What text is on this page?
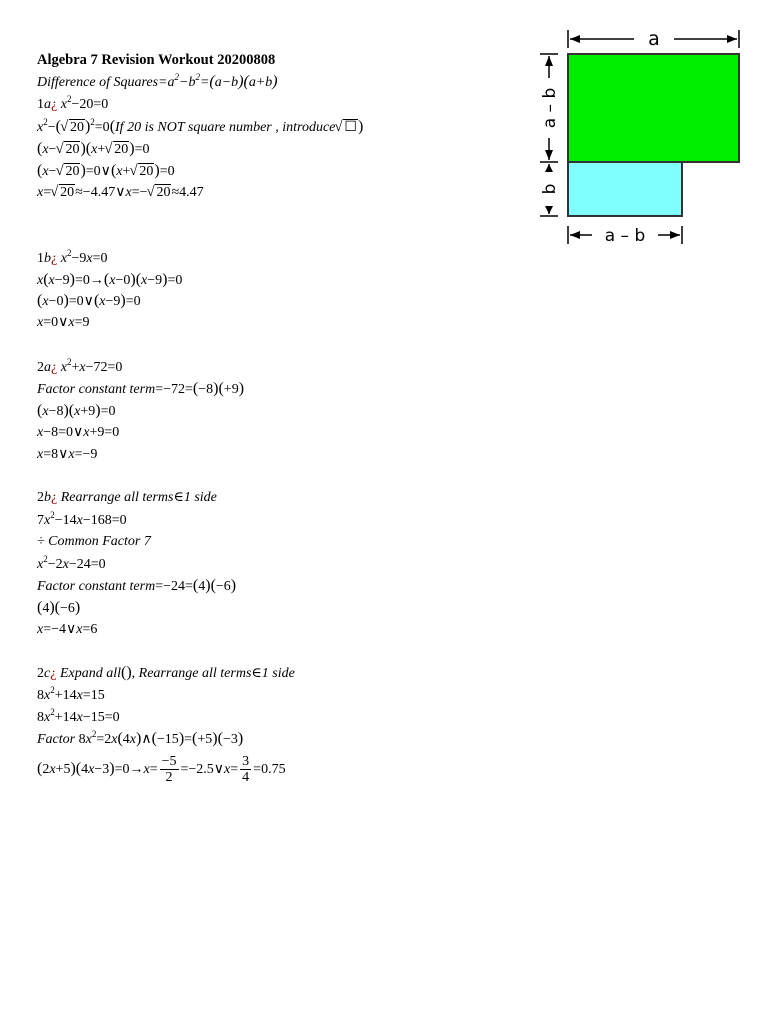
Algebra 7 Revision Workout 20200808
Difference of $Squares=a^2-b^2=(a-b)(a+b)$
1a¿ $x^2-20=0$
$x^2-(√$ 20)$^2$=0(If 20 is NOT square number , introduce√ ☐)
(x−√ 20)(x+√ 20)=0
(x−√ 20)=0∨(x+√ 20)=0
x=√ 20≈−4.47∨x=−√ 20≈4.47
1b¿ $x^2-9x=0$
x(x−9)=0→(x−0)(x−9)=0
(x−0)=0∨(x−9)=0
x=0∨x=9
2a¿ $x^2+x-72=0$
Factor constant term=−72=(−8)(+9)
(x−8)(x+9)=0
x−8=0∨x+9=0
x=8∨x=−9
2b¿ Rearrange all terms∈1 side
$7x^2-14x-168=0$
÷ Common Factor 7
$x^2-2x-24=0$
Factor constant term=−24=(4)(−6)
(4)(−6)
x=−4∨x=6
2c¿ Expand all(), Rearrange all terms∈1 side
$8x^2+14x=15$
$8x^2+14x-15=0$
Factor $8x^2=2x(4x)\wedge(-15)=(+5)(-3)$
$(2x+5)(4x-3)=0\to x= \frac{-5}{2}$ =−2.5∨x= $\frac{3}{4} =0.75$
a
a – b
b
a – b
